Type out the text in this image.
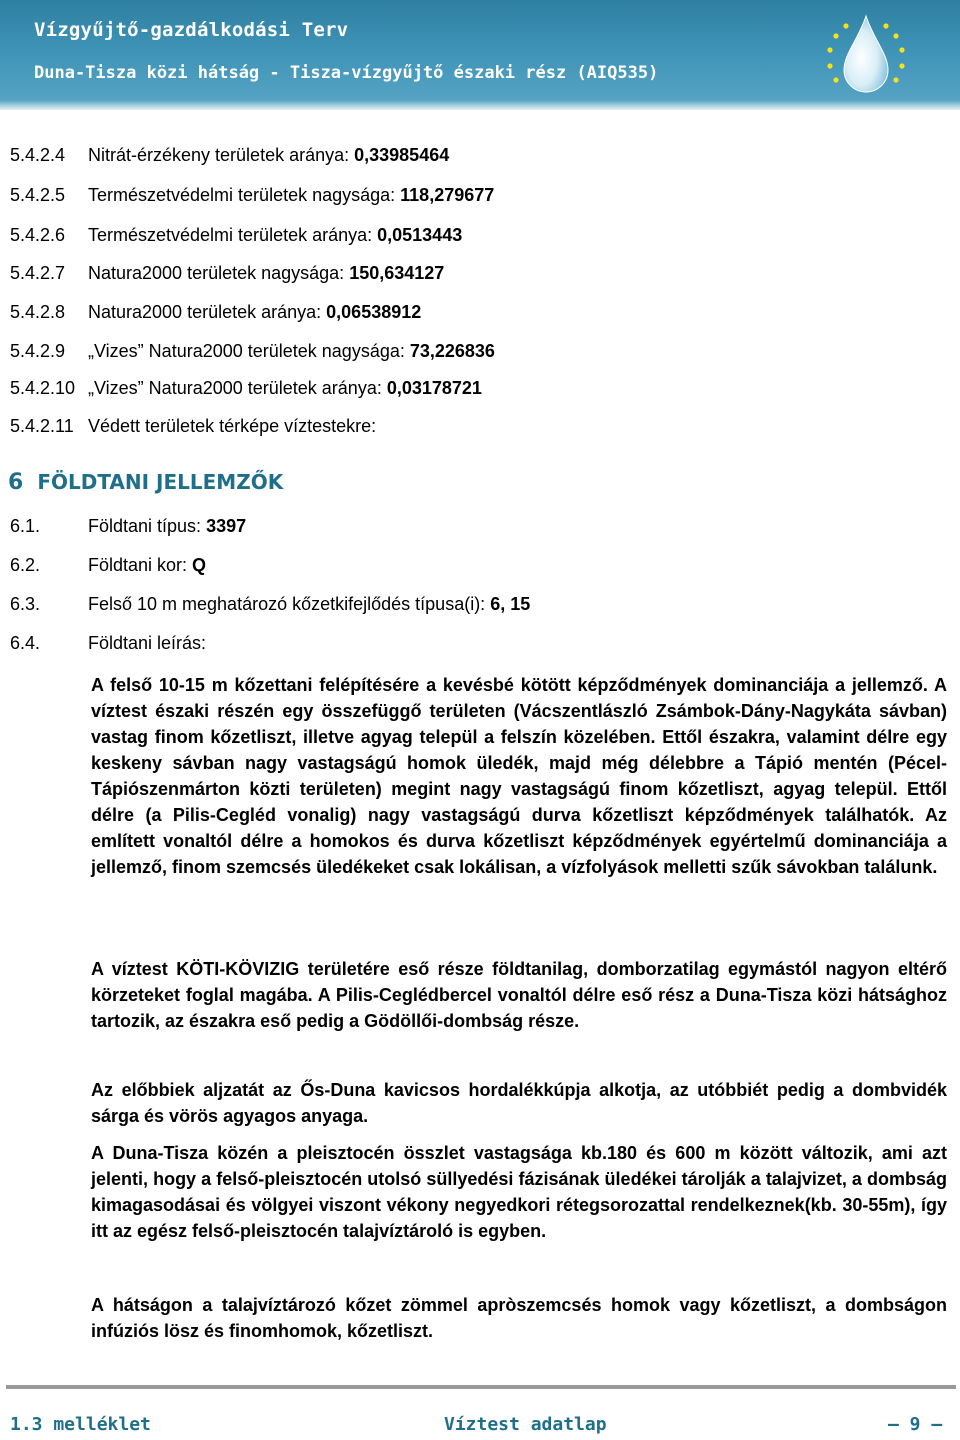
Vízgyűjtő-gazdálkodási Terv
Duna-Tisza közi hátság - Tisza-vízgyűjtő északi rész (AIQ535)
5.4.2.4 Nitrát-érzékeny területek aránya: 0,33985464
5.4.2.5 Természetvédelmi területek nagysága: 118,279677
5.4.2.6 Természetvédelmi területek aránya: 0,0513443
5.4.2.7 Natura2000 területek nagysága: 150,634127
5.4.2.8 Natura2000 területek aránya: 0,06538912
5.4.2.9 „Vizes” Natura2000 területek nagysága: 73,226836
5.4.2.10 „Vizes” Natura2000 területek aránya: 0,03178721
5.4.2.11 Védett területek térképe víztestekre:
6 FÖLDTANI JELLEMZŐK
6.1.	Földtani típus: 3397
6.2.	Földtani kor: Q
6.3.	Felső 10 m meghatározó kőzetkifejlődés típusa(i): 6, 15
6.4.	Földtani leírás:
A felső 10-15 m kőzettani felépítésére a kevésbé kötött képződmények dominanciája a jellemző. A víztest északi részén egy összefüggő területen (Vácszentlászló Zsámbok-Dány-Nagykáta sávban) vastag finom kőzetliszt, illetve agyag települ a felszín közelében. Ettől északra, valamint délre egy keskeny sávban nagy vastagságú homok üledék, majd még délebbre a Tápió mentén (Pécel-Tápiószenmárton közti területen) megint nagy vastagságú finom kőzetliszt, agyag települ. Ettől délre (a Pilis-Cegléd vonalig) nagy vastagságú durva kőzetliszt képződmények találhatók. Az említett vonaltól délre a homokos és durva kőzetliszt képződmények egyértelmű dominanciája a jellemző, finom szemcsés üledékeket csak lokálisan, a vízfolyások melletti szűk sávokban találunk.
A víztest KÖTI-KÖVIZIG területére eső része földtanilag, domborzatilag egymástól nagyon eltérő körzeteket foglal magába. A Pilis-Ceglédbercel vonaltól délre eső rész a Duna-Tisza közi hátsághoz tartozik, az északra eső pedig a Gödöllői-dombság része.
Az előbbiek aljzatát az Ős-Duna kavicsos hordalékkúpja alkotja, az utóbbiét pedig a dombvidék sárga és vörös agyagos anyaga.
A Duna-Tisza közén a pleisztocén összlet vastagsága kb.180 és 600 m között változik, ami azt jelenti, hogy a felső-pleisztocén utolsó süllyedési fázisának üledékei tárolják a talajvizet, a dombság kimagasodásai és völgyei viszont vékony negyedkori rétegsorozattal rendelkeznek(kb. 30-55m), így itt az egész felső-pleisztocén talajvíztároló is egyben.
A hátságon a talajvíztározó kőzet zömmel apròszemcsés homok vagy kőzetliszt, a dombságon infúziós lösz és finomhomok, kőzetliszt.
1.3 melléklet	Víztest adatlap	– 9 –
